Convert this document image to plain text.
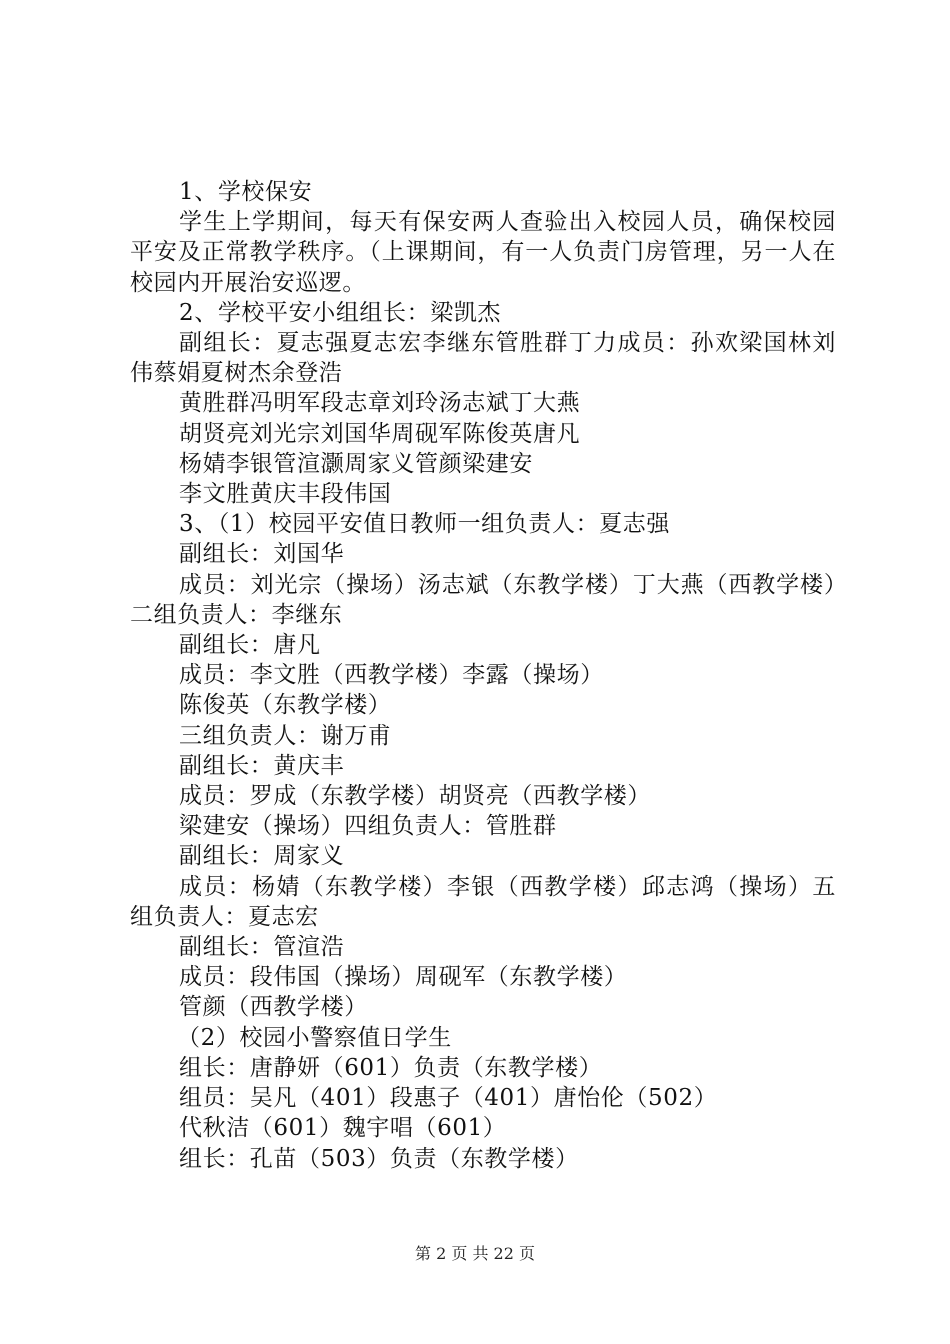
1、学校保安

学生上学期间，每天有保安两人查验出入校园人员，确保校园平安及正常教学秩序。（上课期间，有一人负责门房管理，另一人在校园内开展治安巡逻。

2、学校平安小组组长：梁凯杰

副组长：夏志强夏志宏李继东管胜群丁力成员：孙欢梁国林刘伟蔡娟夏树杰余登浩

黄胜群冯明军段志章刘玲汤志斌丁大燕

胡贤亮刘光宗刘国华周砚军陈俊英唐凡

杨婧李银管渲灏周家义管颜梁建安

李文胜黄庆丰段伟国

3、（1）校园平安值日教师一组负责人：夏志强

副组长：刘国华

成员：刘光宗（操场）汤志斌（东教学楼）丁大燕（西教学楼）二组负责人：李继东

副组长：唐凡

成员：李文胜（西教学楼）李露（操场）

陈俊英（东教学楼）

三组负责人：谢万甫

副组长：黄庆丰

成员：罗成（东教学楼）胡贤亮（西教学楼）

梁建安（操场）四组负责人：管胜群

副组长：周家义

成员：杨婧（东教学楼）李银（西教学楼）邱志鸿（操场）五组负责人：夏志宏

副组长：管渲浩

成员：段伟国（操场）周砚军（东教学楼）

管颜（西教学楼）

（2）校园小警察值日学生

组长：唐静妍（601）负责（东教学楼）

组员：吴凡（401）段惠子（401）唐怡伦（502）

代秋洁（601）魏宇唱（601）

组长：孔苗（503）负责（东教学楼）

第 2 页 共 22 页
